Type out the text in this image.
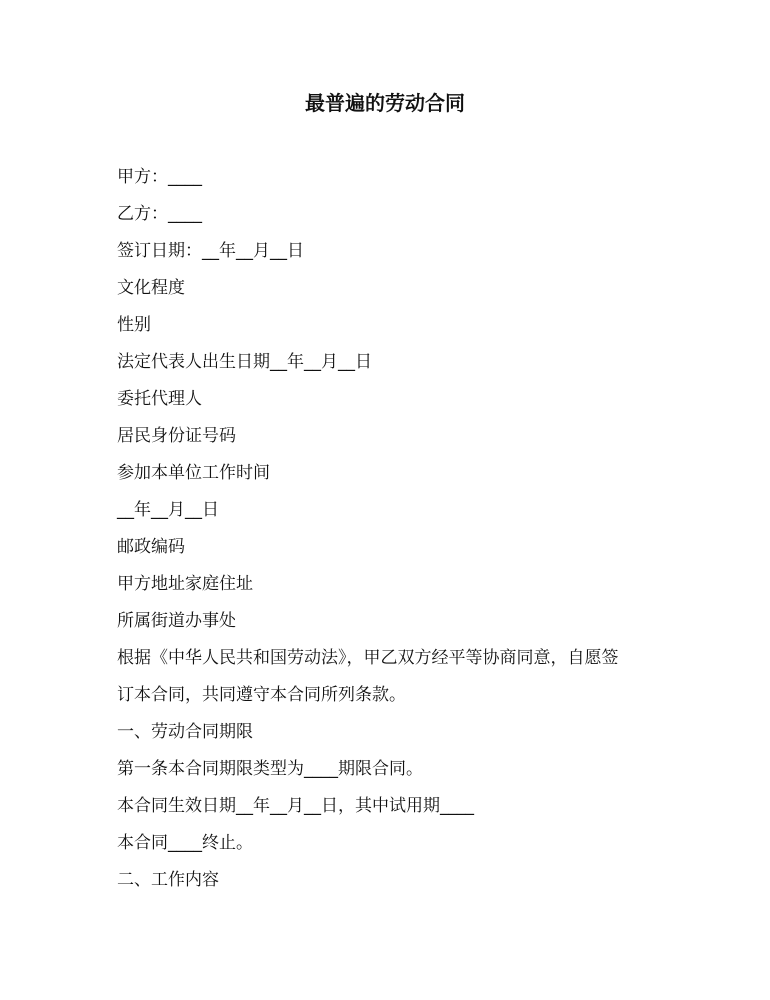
最普遍的劳动合同
甲方：____
乙方：____
签订日期：__年__月__日
文化程度
性别
法定代表人出生日期__年__月__日
委托代理人
居民身份证号码
参加本单位工作时间
__年__月__日
邮政编码
甲方地址家庭住址
所属街道办事处
根据《中华人民共和国劳动法》，甲乙双方经平等协商同意，自愿签
订本合同，共同遵守本合同所列条款。
一、劳动合同期限
第一条本合同期限类型为____期限合同。
本合同生效日期__年__月__日，其中试用期____
本合同____终止。
二、工作内容
